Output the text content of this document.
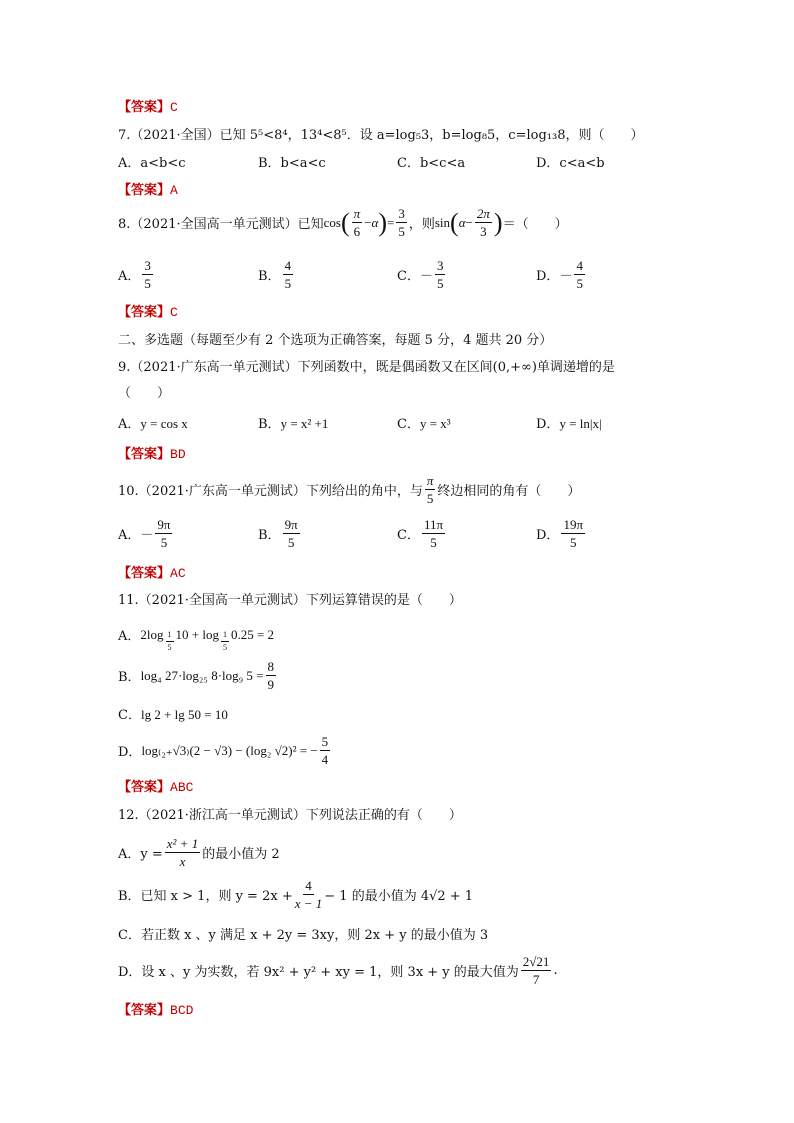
【答案】C
7.（2021·全国）已知 5⁵<8⁴，13⁴<8⁵．设 a=log₅3，b=log₈5，c=log₁₃8，则（　　）
A．a<b<c	B．b<a<c	C．b<c<a	D．c<a<b
【答案】A
8.（2021·全国高一单元测试）已知 cos ( $\frac{\pi}{6} - \alpha$ ) = $\frac{3}{5}$ ，则 sin ( $\alpha - \frac{2\pi}{3}$ ) ＝（　　）
A． $\frac{3}{5}$	B． $\frac{4}{5}$	C． － $\frac{3}{5}$	D． － $\frac{4}{5}$
【答案】C
二、多选题（每题至少有 2 个选项为正确答案，每题 5 分，4 题共 20 分）
9.（2021·广东高一单元测试）下列函数中，既是偶函数又在区间(0,+∞)单调递增的是
（　　）
A．y = cos x	B．y = x² +1	C．y = x³	D．y = ln|x|
【答案】BD
10.（2021·广东高一单元测试）下列给出的角中，与 $\frac{\pi}{5}$ 终边相同的角有（　　）
A． － $\frac{9\pi}{5}$	B． $\frac{9\pi}{5}$	C． $\frac{11\pi}{5}$	D． $\frac{19\pi}{5}$
【答案】AC
11.（2021·全国高一单元测试）下列运算错误的是（　　）
A． $2\log \frac{1}{5} 10 + \log \frac{1}{5} 0.25 = 2$
B． log₄ 27·log₂₅ 8·log₉ $5 = \frac{8}{9}$
C．lg 2 + lg 50 = 10
D． log₍₂₊√3₎(2 − √3) − (log₂ √2)² = − $\frac{5}{4}$
【答案】ABC
12.（2021·浙江高一单元测试）下列说法正确的有（　　）
A．$y = \frac{\text{x² + 1}}{x}$ 的最小值为 2
B．已知 x > 1，则 $y = 2x + \frac{4}{x - 1} - 1$ 的最小值为 4√2 + 1
C．若正数 x 、y 满足 x + 2y = 3xy，则 2x + y 的最小值为 3
D．设 x 、y 为实数，若 9x² + y² + xy = 1，则 3x + y 的最大值为 $\frac{2√21}{7}$ .
【答案】BCD
